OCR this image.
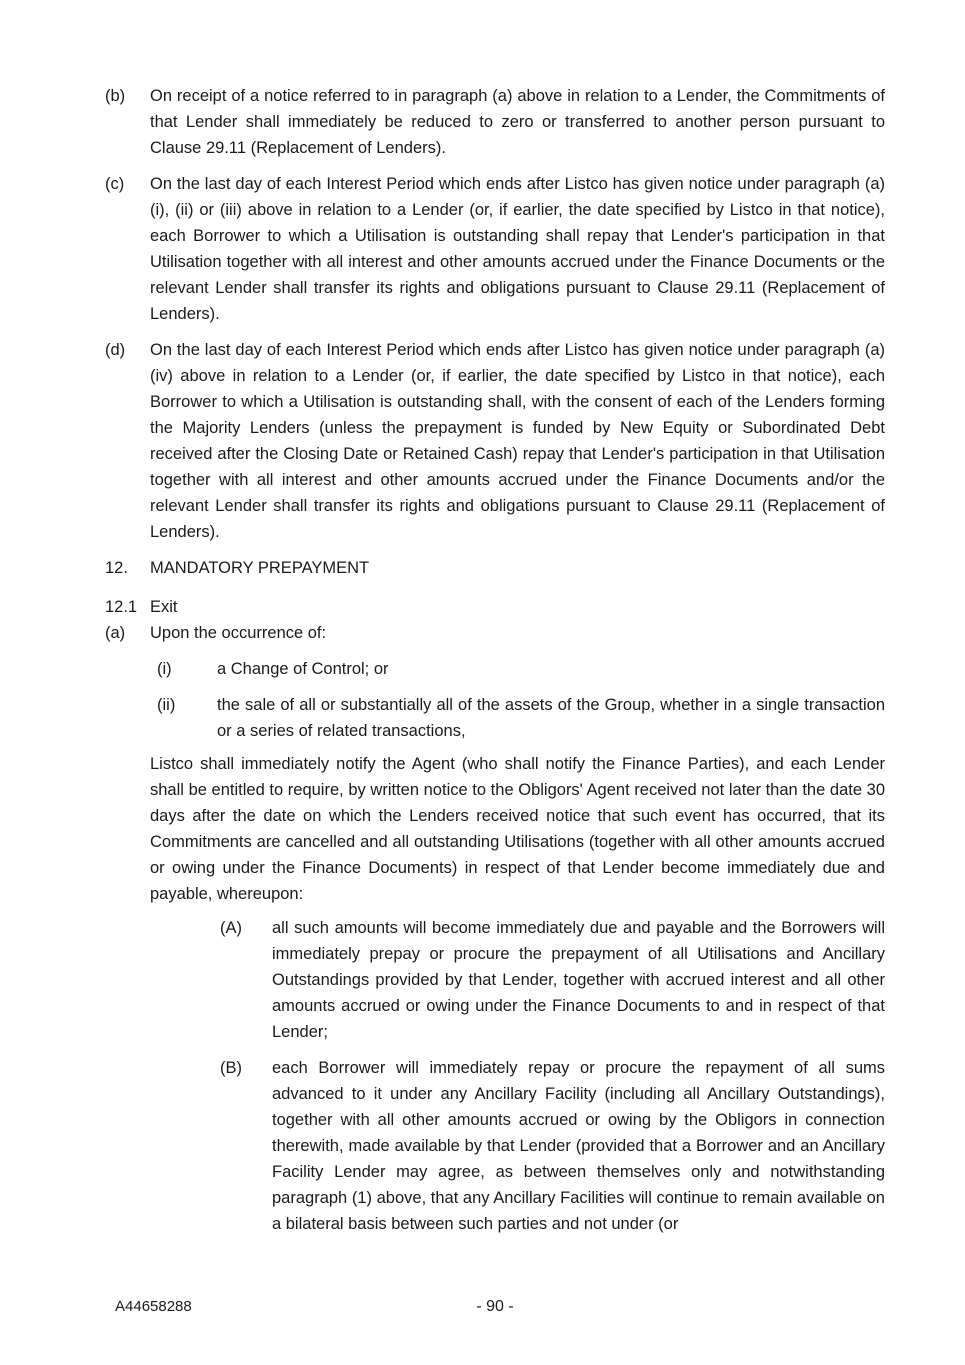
(b)	On receipt of a notice referred to in paragraph (a) above in relation to a Lender, the Commitments of that Lender shall immediately be reduced to zero or transferred to another person pursuant to Clause 29.11 (Replacement of Lenders).
(c)	On the last day of each Interest Period which ends after Listco has given notice under paragraph (a)(i), (ii) or (iii) above in relation to a Lender (or, if earlier, the date specified by Listco in that notice), each Borrower to which a Utilisation is outstanding shall repay that Lender's participation in that Utilisation together with all interest and other amounts accrued under the Finance Documents or the relevant Lender shall transfer its rights and obligations pursuant to Clause 29.11 (Replacement of Lenders).
(d)	On the last day of each Interest Period which ends after Listco has given notice under paragraph (a)(iv) above in relation to a Lender (or, if earlier, the date specified by Listco in that notice), each Borrower to which a Utilisation is outstanding shall, with the consent of each of the Lenders forming the Majority Lenders (unless the prepayment is funded by New Equity or Subordinated Debt received after the Closing Date or Retained Cash) repay that Lender's participation in that Utilisation together with all interest and other amounts accrued under the Finance Documents and/or the relevant Lender shall transfer its rights and obligations pursuant to Clause 29.11 (Replacement of Lenders).
12.	MANDATORY PREPAYMENT
12.1 Exit
(a)	Upon the occurrence of:
(i)	a Change of Control; or
(ii)	the sale of all or substantially all of the assets of the Group, whether in a single transaction or a series of related transactions,
Listco shall immediately notify the Agent (who shall notify the Finance Parties), and each Lender shall be entitled to require, by written notice to the Obligors' Agent received not later than the date 30 days after the date on which the Lenders received notice that such event has occurred, that its Commitments are cancelled and all outstanding Utilisations (together with all other amounts accrued or owing under the Finance Documents) in respect of that Lender become immediately due and payable, whereupon:
(A)	all such amounts will become immediately due and payable and the Borrowers will immediately prepay or procure the prepayment of all Utilisations and Ancillary Outstandings provided by that Lender, together with accrued interest and all other amounts accrued or owing under the Finance Documents to and in respect of that Lender;
(B)	each Borrower will immediately repay or procure the repayment of all sums advanced to it under any Ancillary Facility (including all Ancillary Outstandings), together with all other amounts accrued or owing by the Obligors in connection therewith, made available by that Lender (provided that a Borrower and an Ancillary Facility Lender may agree, as between themselves only and notwithstanding paragraph (1) above, that any Ancillary Facilities will continue to remain available on a bilateral basis between such parties and not under (or
A44658288	- 90 -
